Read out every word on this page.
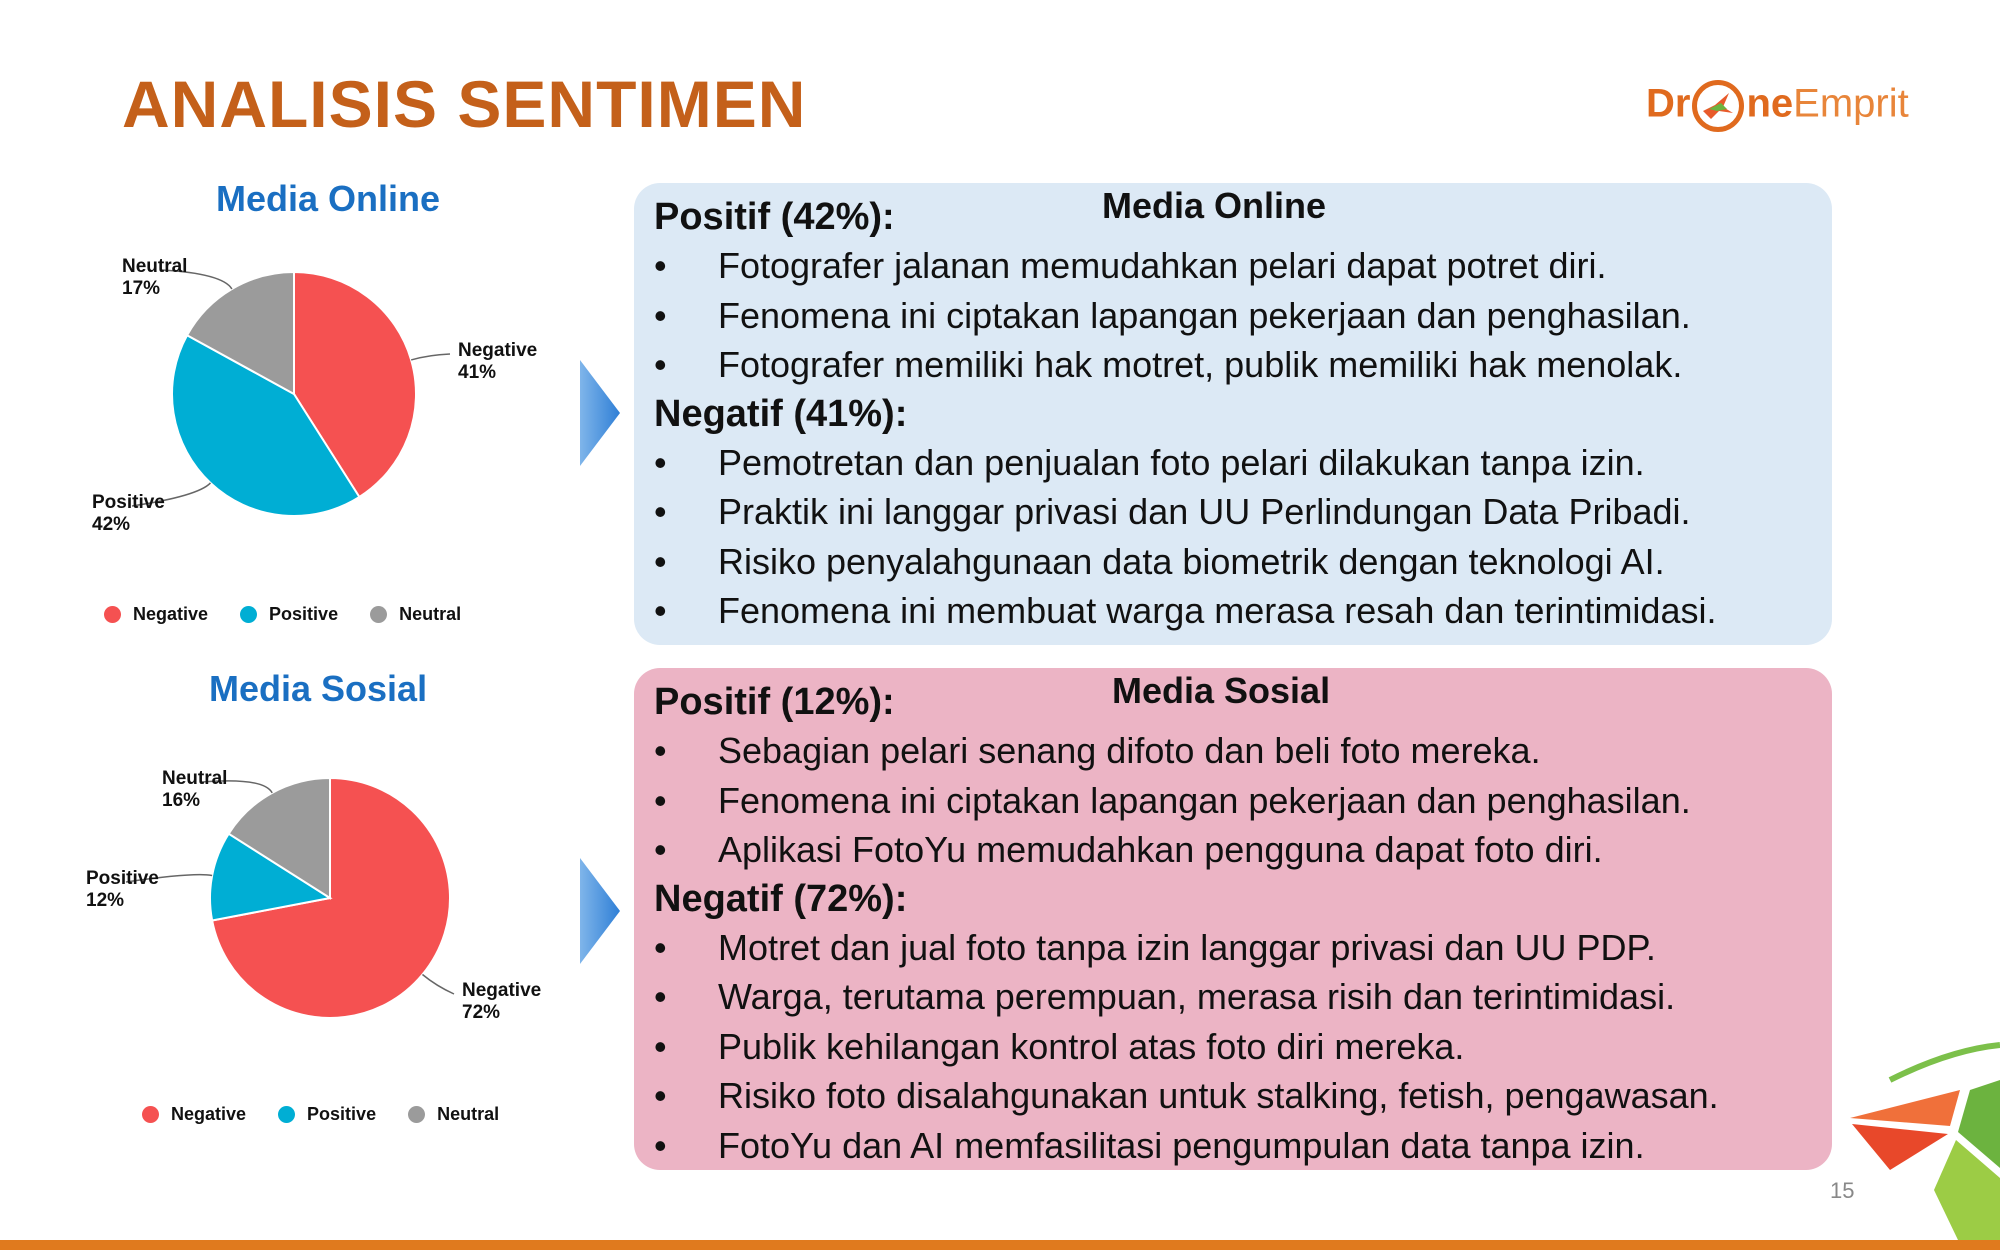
ANALISIS SENTIMEN	Dr neEmprit
Media Online
Negative
41%
Positive
42%
Neutral
17%
Negative	Positive	Neutral
Media Sosial
Negative
72%
Positive
12%
Neutral
16%
Negative	Positive	Neutral
Media Online

Positif (42%):

• Fotografer jalanan memudahkan pelari dapat potret diri.
• Fenomena ini ciptakan lapangan pekerjaan dan penghasilan.
• Fotografer memiliki hak motret, publik memiliki hak menolak.

Negatif (41%):

• Pemotretan dan penjualan foto pelari dilakukan tanpa izin.
• Praktik ini langgar privasi dan UU Perlindungan Data Pribadi.
• Risiko penyalahgunaan data biometrik dengan teknologi AI.
• Fenomena ini membuat warga merasa resah dan terintimidasi.
Media Sosial

Positif (12%):

• Sebagian pelari senang difoto dan beli foto mereka.
• Fenomena ini ciptakan lapangan pekerjaan dan penghasilan.
• Aplikasi FotoYu memudahkan pengguna dapat foto diri.

Negatif (72%):

• Motret dan jual foto tanpa izin langgar privasi dan UU PDP.
• Warga, terutama perempuan, merasa risih dan terintimidasi.
• Publik kehilangan kontrol atas foto diri mereka.
• Risiko foto disalahgunakan untuk stalking, fetish, pengawasan.
• FotoYu dan AI memfasilitasi pengumpulan data tanpa izin.
15
